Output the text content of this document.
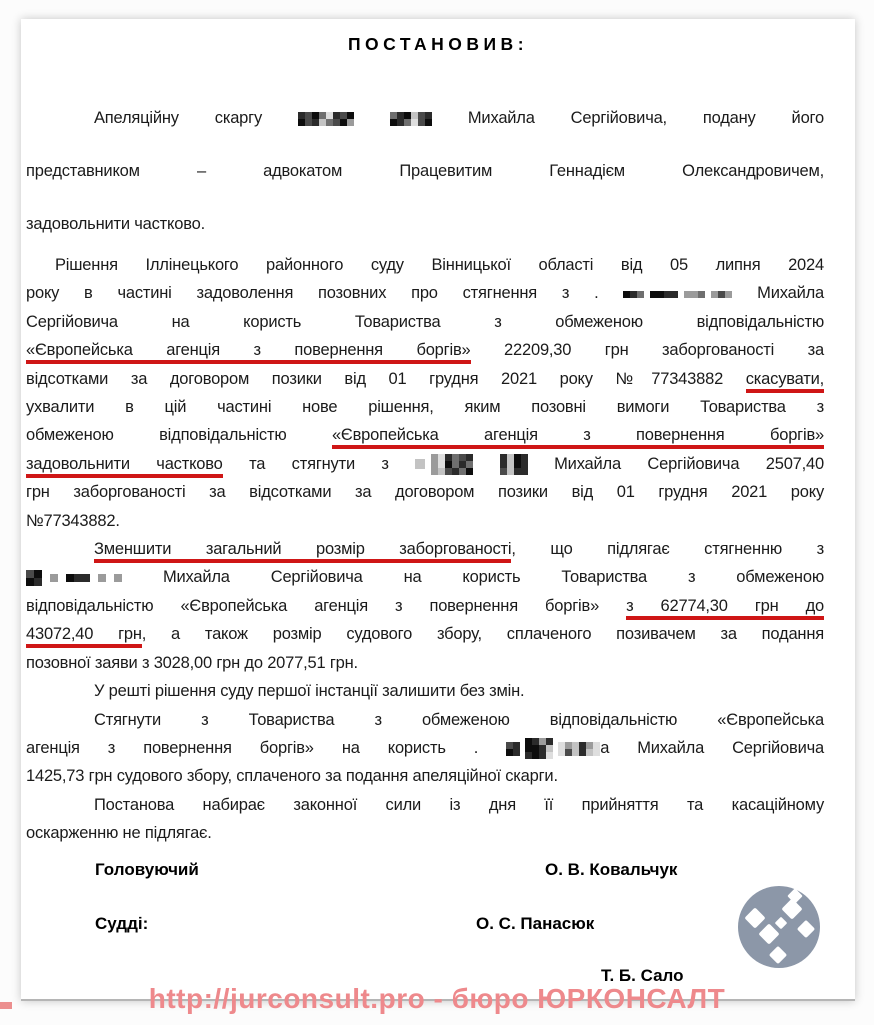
ПОСТАНОВИВ:
Апеляційну скаргу
	Михайла Сергійовича, подану його
представником – адвокатом Працевитим Геннадієм Олександровичем,
задовольнити частково.
Рішення Іллінецького районного суду Вінницької області від 05 липня 2024
року в частині задоволення позовних про стягнення з .	Михайла
Сергійовича на користь Товариства з обмеженою відповідальністю
«Європейська агенція з повернення боргів» 22209,30 грн заборгованості за
відсотками за договором позики від 01 грудня 2021 року №77343882 скасувати,
ухвалити в цій частині нове рішення, яким позовні вимоги Товариства з
обмеженою відповідальністю «Європейська агенція з повернення боргів»
задовольнити частково та стягнути з
	Михайла Сергійовича 2507,40
грн заборгованості за відсотками за договором позики від 01 грудня 2021 року
№77343882.
Зменшити загальний розмір заборгованості, що підлягає стягненню з
Михайла Сергійовича на користь Товариства з обмеженою
відповідальністю «Європейська агенція з повернення боргів» з 62774,30 грн до
43072,40 грн, а також розмір судового збору, сплаченого позивачем за подання
позовної заяви з 3028,00 грн до 2077,51 грн.
У решті рішення суду першої інстанції залишити без змін.
Стягнути з Товариства з обмеженою відповідальністю «Європейська
агенція з повернення боргів» на користь .	а Михайла Сергійовича
1425,73 грн судового збору, сплаченого за подання апеляційної скарги.
Постанова набирає законної сили із дня її прийняття та касаційному
оскарженню не підлягає.
Головуючий	О. В. Ковальчук
Судді:	О. С. Панасюк
Т. Б. Сало
http://jurconsult.pro - бюро ЮРКОНСАЛТ
